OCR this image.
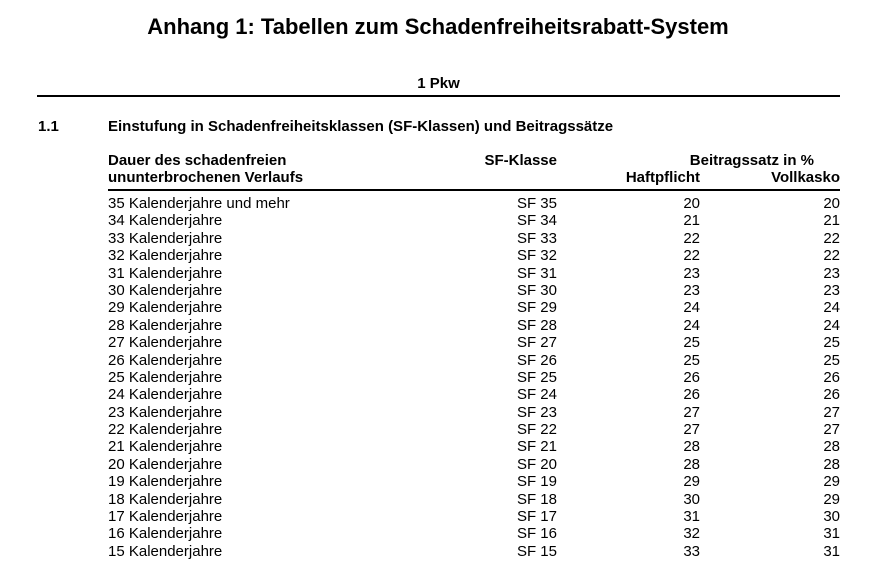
Anhang 1: Tabellen zum Schadenfreiheitsrabatt-System
1 Pkw
1.1	Einstufung in Schadenfreiheitsklassen (SF-Klassen) und Beitragssätze
Dauer des schadenfreien
ununterbrochenen Verlaufs
SF-Klasse	Beitragssatz in %
Haftpflicht	Vollkasko
35 Kalenderjahre und mehr	SF 35	20	20
34 Kalenderjahre	SF 34	21	21
33 Kalenderjahre	SF 33	22	22
32 Kalenderjahre	SF 32	22	22
31 Kalenderjahre	SF 31	23	23
30 Kalenderjahre	SF 30	23	23
29 Kalenderjahre	SF 29	24	24
28 Kalenderjahre	SF 28	24	24
27 Kalenderjahre	SF 27	25	25
26 Kalenderjahre	SF 26	25	25
25 Kalenderjahre	SF 25	26	26
24 Kalenderjahre	SF 24	26	26
23 Kalenderjahre	SF 23	27	27
22 Kalenderjahre	SF 22	27	27
21 Kalenderjahre	SF 21	28	28
20 Kalenderjahre	SF 20	28	28
19 Kalenderjahre	SF 19	29	29
18 Kalenderjahre	SF 18	30	29
17 Kalenderjahre	SF 17	31	30
16 Kalenderjahre	SF 16	32	31
15 Kalenderjahre	SF 15	33	31
